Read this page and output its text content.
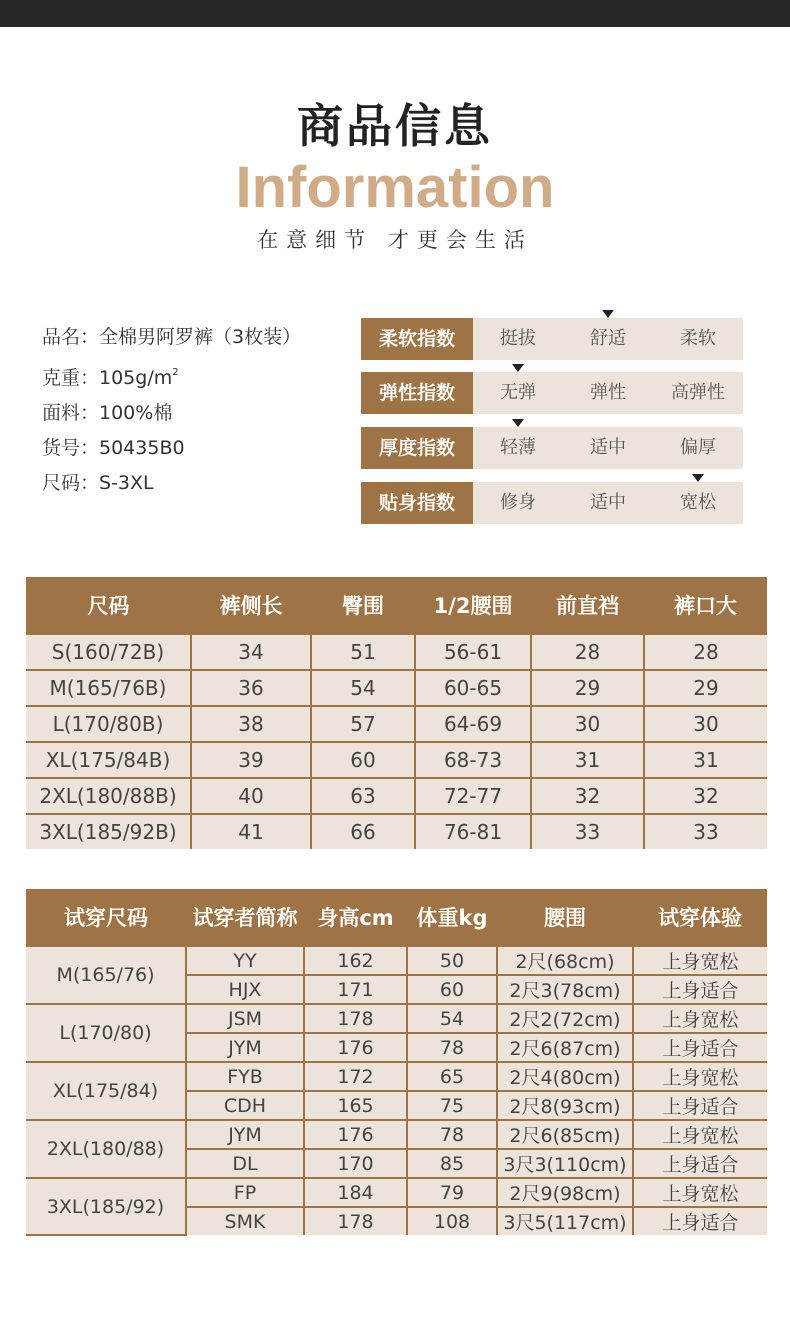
商品信息
Information
在意细节 才更会生活
品名：全棉男阿罗裤（3枚装）
克重：$105g/m^2$
面料：100%棉
货号：50435B0
尺码：S-3XL
柔软指数	挺拔	舒适	柔软
弹性指数	无弹	弹性	高弹性
厚度指数	轻薄	适中	偏厚
贴身指数	修身	适中	宽松
尺码	裤侧长	臀围	1/2腰围	前直裆	裤口大
S(160/72B)	34	51	56-61	28	28
M(165/76B)	36	54	60-65	29	29
L(170/80B)	38	57	64-69	30	30
XL(175/84B)	39	60	68-73	31	31
2XL(180/88B)	40	63	72-77	32	32
3XL(185/92B)	41	66	76-81	33	33
试穿尺码	试穿者简称	身高cm	体重kg	腰围	试穿体验
M(165/76)	YY	162	50	2尺(68cm)	上身宽松
	HJX	171	60	2尺3(78cm)	上身适合
L(170/80)	JSM	178	54	2尺2(72cm)	上身宽松
	JYM	176	78	2尺6(87cm)	上身适合
XL(175/84)	FYB	172	65	2尺4(80cm)	上身宽松
	CDH	165	75	2尺8(93cm)	上身适合
2XL(180/88)	JYM	176	78	2尺6(85cm)	上身宽松
	DL	170	85	3尺3(110cm)	上身适合
3XL(185/92)	FP	184	79	2尺9(98cm)	上身宽松
	SMK	178	108	3尺5(117cm)	上身适合
